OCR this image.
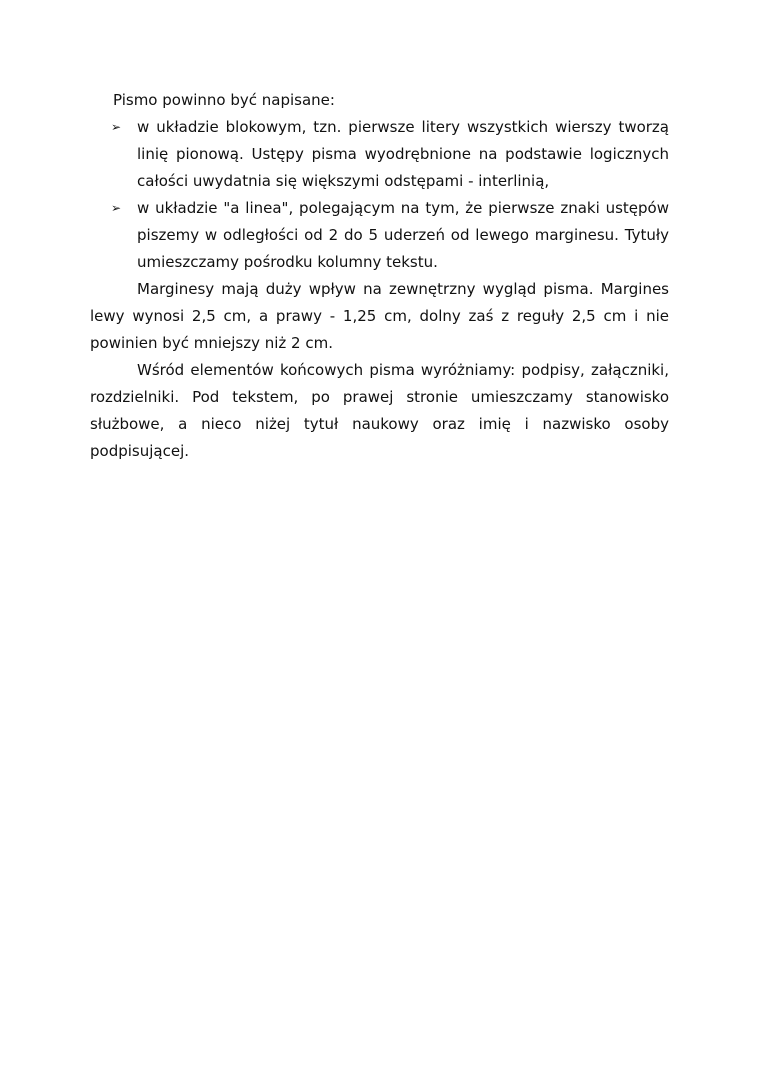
Pismo powinno być napisane:

➢ w układzie blokowym, tzn. pierwsze litery wszystkich wierszy tworzą linię pionową. Ustępy pisma wyodrębnione na podstawie logicznych całości uwydatnia się większymi odstępami - interlinią,
➢ w układzie "a linea", polegającym na tym, że pierwsze znaki ustępów piszemy w odległości od 2 do 5 uderzeń od lewego marginesu. Tytuły umieszczamy pośrodku kolumny tekstu.

Marginesy mają duży wpływ na zewnętrzny wygląd pisma. Margines lewy wynosi 2,5 cm, a prawy - 1,25 cm, dolny zaś z reguły 2,5 cm i nie powinien być mniejszy niż 2 cm.

Wśród elementów końcowych pisma wyróżniamy: podpisy, załączniki, rozdzielniki. Pod tekstem, po prawej stronie umieszczamy stanowisko służbowe, a nieco niżej tytuł naukowy oraz imię i nazwisko osoby podpisującej.
